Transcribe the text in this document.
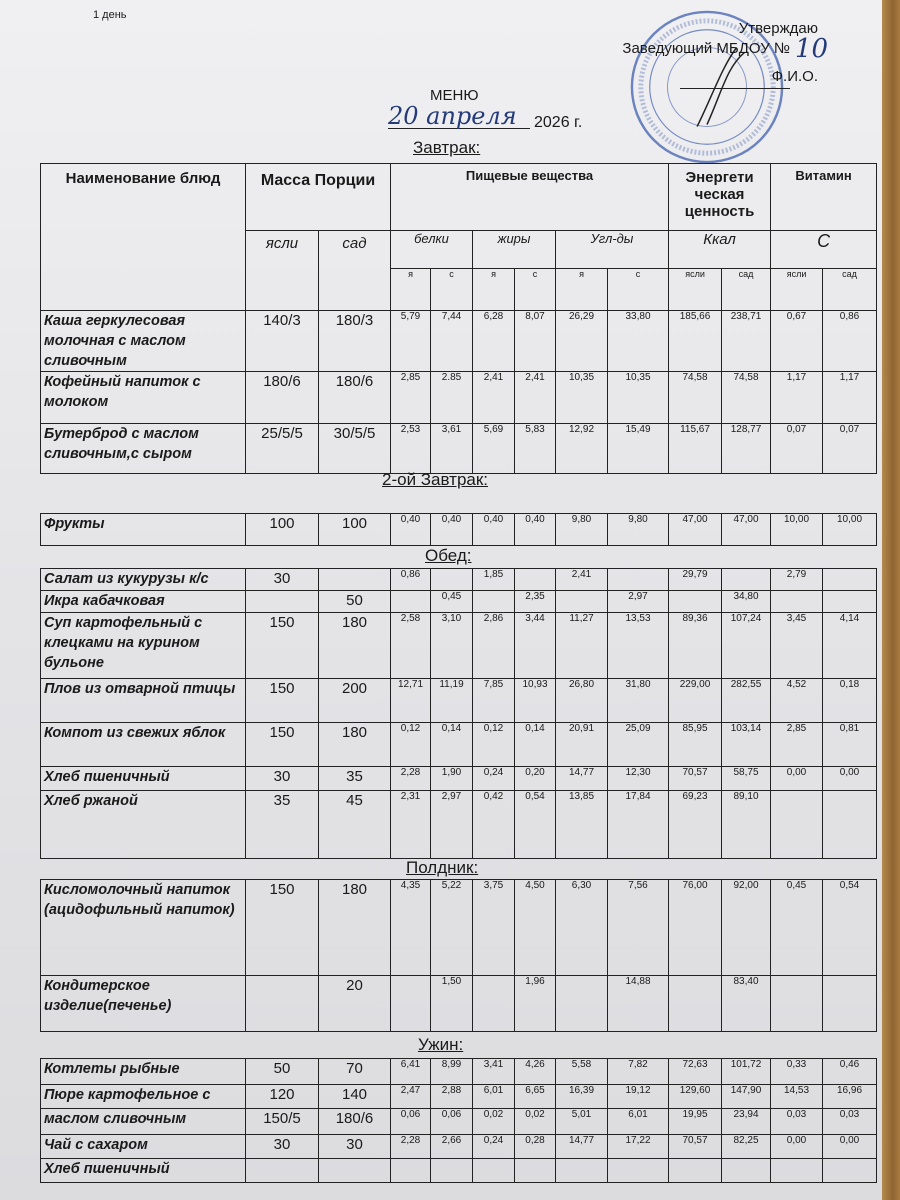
1 день
Утверждаю
Заведующий МБДОУ № 10
Ф.И.О.
МЕНЮ
20 апреля	2026 г.
Завтрак:
Наименование блюд	Масса Порции		Пищевые вещества						Энергети ческая ценность		Витамин	
	ясли	сад	белки		жиры		Угл-ды		Ккал		С	
			я	с	я	с	я	с	ясли	сад	ясли	сад
Каша геркулесовая молочная с маслом сливочным	140/3	180/3	5,79	7,44	6,28	8,07	26,29	33,80	185,66	238,71	0,67	0,86
Кофейный напиток с молоком	180/6	180/6	2,85	2.85	2,41	2,41	10,35	10,35	74,58	74,58	1,17	1,17
Бутерброд с маслом сливочным,с сыром	25/5/5	30/5/5	2,53	3,61	5,69	5,83	12,92	15,49	115,67	128,77	0,07	0,07
2-ой Завтрак:
Фрукты	100	100	0,40	0,40	0,40	0,40	9,80	9,80	47,00	47,00	10,00	10,00
Обед:
Салат из кукурузы к/с	30		0,86		1,85		2,41		29,79		2,79	
Икра кабачковая		50		0,45		2,35		2,97		34,80		
Суп картофельный с клецками на курином бульоне	150	180	2,58	3,10	2,86	3,44	11,27	13,53	89,36	107,24	3,45	4,14
Плов из отварной птицы	150	200	12,71	11,19	7,85	10,93	26,80	31,80	229,00	282,55	4,52	0,18
Компот из свежих яблок	150	180	0,12	0,14	0,12	0,14	20,91	25,09	85,95	103,14	2,85	0,81
Хлеб пшеничный	30	35	2,28	1,90	0,24	0,20	14,77	12,30	70,57	58,75	0,00	0,00
Хлеб ржаной	35	45	2,31	2,97	0,42	0,54	13,85	17,84	69,23	89,10		
Полдник:
Кисломолочный напиток (ацидофильный напиток)	150	180	4,35	5,22	3,75	4,50	6,30	7,56	76,00	92,00	0,45	0,54
Кондитерское изделие(печенье)		20		1,50		1,96		14,88		83,40		
Ужин:
Котлеты рыбные	50	70	6,41	8,99	3,41	4,26	5,58	7,82	72,63	101,72	0,33	0,46
Пюре картофельное с	120	140	2,47	2,88	6,01	6,65	16,39	19,12	129,60	147,90	14,53	16,96
маслом сливочным	150/5	180/6	0,06	0,06	0,02	0,02	5,01	6,01	19,95	23,94	0,03	0,03
Чай с сахаром	30	30	2,28	2,66	0,24	0,28	14,77	17,22	70,57	82,25	0,00	0,00
Хлеб пшеничный												
